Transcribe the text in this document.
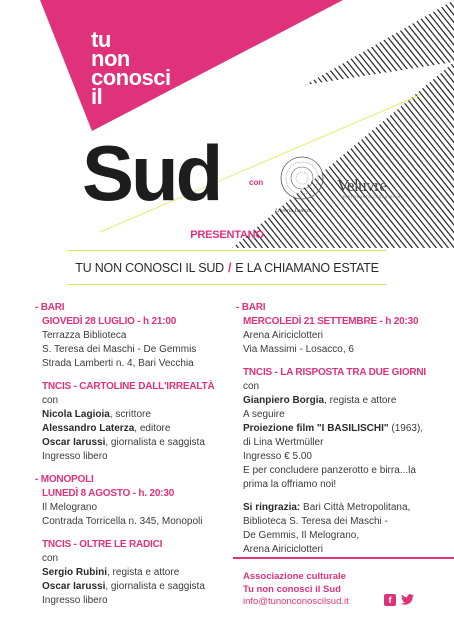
tu
non
conosci
il
Sud	con
Libreria Laterza
Veluvre
RISTORANTE CASSATERIA
PRESENTANO
TU NON CONOSCI IL SUD / E LA CHIAMANO ESTATE
- BARI
GIOVEDÌ 28 LUGLIO - h 21:00
Terrazza Biblioteca
S. Teresa dei Maschi - De Gemmis
Strada Lamberti n. 4, Bari Vecchia
TNCIS - CARTOLINE DALL'IRREALTÀ
con
Nicola Lagioia, scrittore
Alessandro Laterza, editore
Oscar Iarussi, giornalista e saggista
Ingresso libero
- MONOPOLI
LUNEDÌ 8 AGOSTO - h. 20:30
Il Melograno
Contrada Torricella n. 345, Monopoli
TNCIS - OLTRE LE RADICI
con
Sergio Rubini, regista e attore
Oscar Iarussi, giornalista e saggista
Ingresso libero
- BARI
MERCOLEDÌ 21 SETTEMBRE - h 20:30
Arena Airiciclotteri
Via Massimi - Losacco, 6
TNCIS - LA RISPOSTA TRA DUE GIORNI
con
Gianpiero Borgia, regista e attore
A seguire
Proiezione film "I BASILISCHI" (1963),
di Lina Wertmüller
Ingresso € 5.00
E per concludere panzerotto e birra...la
prima la offriamo noi!
Si ringrazia: Bari Città Metropolitana,
Biblioteca S. Teresa dei Maschi -
De Gemmis, Il Melograno,
Arena Airiciclotteri
Associazione culturale
Tu non conosci il Sud
info@tunonconoscilsud.it	f
